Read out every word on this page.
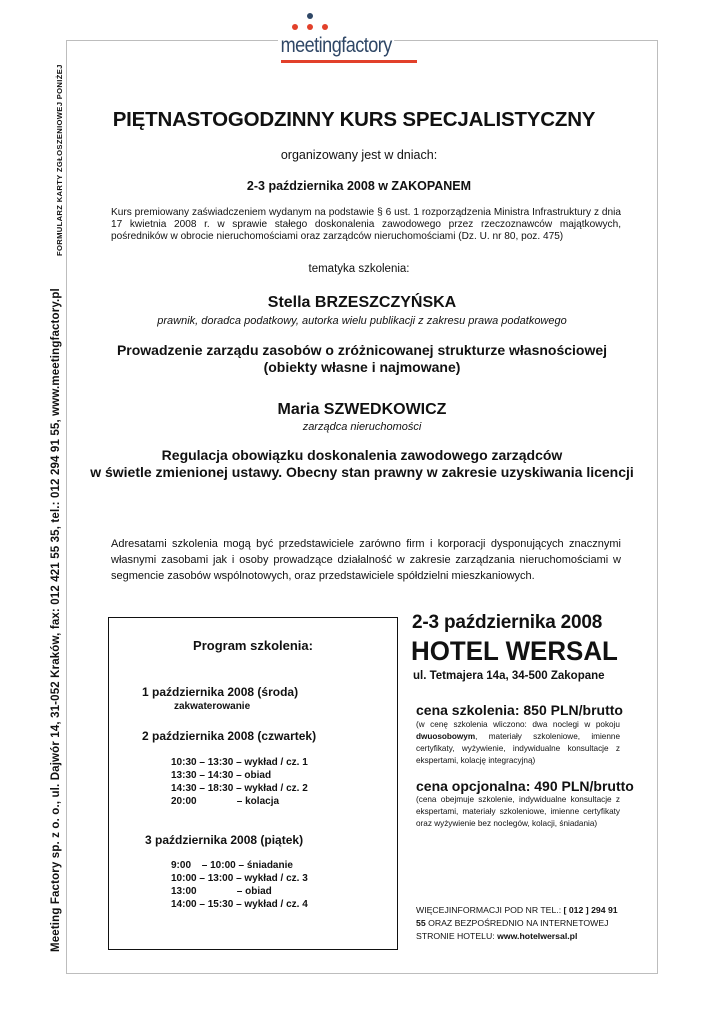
Meeting Factory sp. z o. o., ul. Dajwór 14, 31-052 Kraków, fax: 012 421 55 35, tel.: 012 294 91 55, www.meetingfactory.pl
FORMULARZ KARTY ZGŁOSZENIOWEJ PONIŻEJ
meetingfactory
PIĘTNASTOGODZINNY KURS SPECJALISTYCZNY
organizowany jest w dniach:
2-3 października 2008 w ZAKOPANEM
Kurs premiowany zaświadczeniem wydanym na podstawie § 6 ust. 1 rozporządzenia Ministra Infrastruktury z dnia 17 kwietnia 2008 r. w sprawie stałego doskonalenia zawodowego przez rzeczoznawców majątkowych, pośredników w obrocie nieruchomościami oraz zarządców nieruchomościami (Dz. U. nr 80, poz. 475)
tematyka szkolenia:
Stella BRZESZCZYŃSKA
prawnik, doradca podatkowy, autorka wielu publikacji z zakresu prawa podatkowego
Prowadzenie zarządu zasobów o zróżnicowanej strukturze własnościowej
(obiekty własne i najmowane)
Maria SZWEDKOWICZ
zarządca nieruchomości
Regulacja obowiązku doskonalenia zawodowego zarządców
w świetle zmienionej ustawy. Obecny stan prawny w zakresie uzyskiwania licencji
Adresatami szkolenia mogą być przedstawiciele zarówno firm i korporacji dysponujących znacznymi własnymi zasobami jak i osoby prowadzące działalność w zakresie zarządzania nieruchomościami w segmencie zasobów wspólnotowych, oraz przedstawiciele spółdzielni mieszkaniowych.
Program szkolenia:
1 października 2008 (środa)
zakwaterowanie
2 października 2008 (czwartek)
10:30 – 13:30 – wykład / cz. 1
13:30 – 14:30 – obiad
14:30 – 18:30 – wykład / cz. 2
20:00	– kolacja
3 października 2008 (piątek)
9:00 – 10:00 – śniadanie
10:00 – 13:00 – wykład / cz. 3
13:00	– obiad
14:00 – 15:30 – wykład / cz. 4
2-3 października 2008
HOTEL WERSAL
ul. Tetmajera 14a, 34-500 Zakopane
cena szkolenia: 850 PLN/brutto
(w cenę szkolenia wliczono: dwa noclegi w pokoju dwuosobowym, materiały szkoleniowe, imienne certyfikaty, wyżywienie, indywidualne konsultacje z ekspertami, kolację integracyjną)
cena opcjonalna: 490 PLN/brutto
(cena obejmuje szkolenie, indywidualne konsultacje z ekspertami, materiały szkoleniowe, imienne certyfikaty oraz wyżywienie bez noclegów, kolacji, śniadania)
WIĘCEJINFORMACJI POD NR TEL.: [ 012 ] 294 91 55 ORAZ BEZPOŚREDNIO NA INTERNETOWEJ STRONIE HOTELU: www.hotelwersal.pl
